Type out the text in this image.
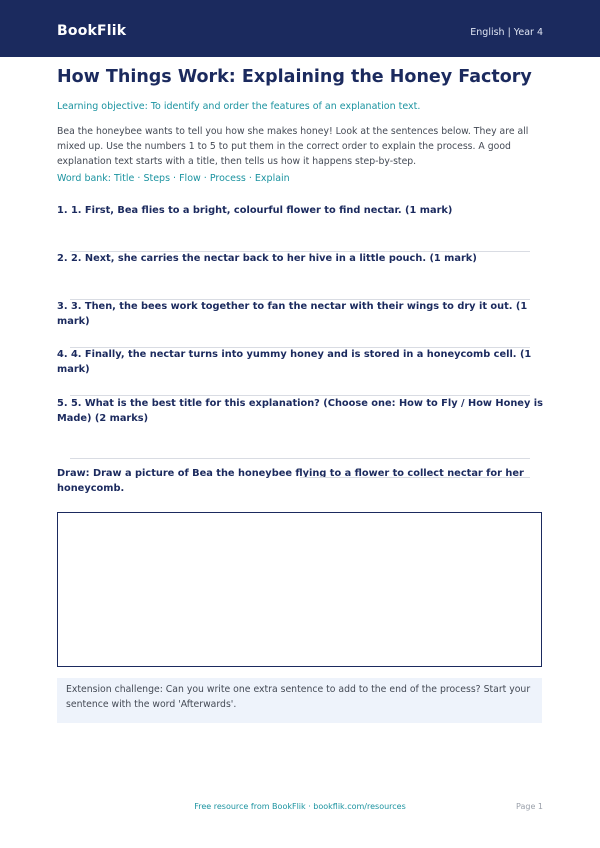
BookFlik	English | Year 4
How Things Work: Explaining the Honey Factory
Learning objective: To identify and order the features of an explanation text.
Bea the honeybee wants to tell you how she makes honey! Look at the sentences below. They are all mixed up. Use the numbers 1 to 5 to put them in the correct order to explain the process. A good explanation text starts with a title, then tells us how it happens step-by-step.
Word bank: Title · Steps · Flow · Process · Explain
1. 1. First, Bea flies to a bright, colourful flower to find nectar. (1 mark)
2. 2. Next, she carries the nectar back to her hive in a little pouch. (1 mark)
3. 3. Then, the bees work together to fan the nectar with their wings to dry it out. (1 mark)
4. 4. Finally, the nectar turns into yummy honey and is stored in a honeycomb cell. (1 mark)
5. 5. What is the best title for this explanation? (Choose one: How to Fly / How Honey is Made) (2 marks)
Draw: Draw a picture of Bea the honeybee flying to a flower to collect nectar for her honeycomb.
Extension challenge: Can you write one extra sentence to add to the end of the process? Start your sentence with the word 'Afterwards'.
Free resource from BookFlik · bookflik.com/resources	Page 1
